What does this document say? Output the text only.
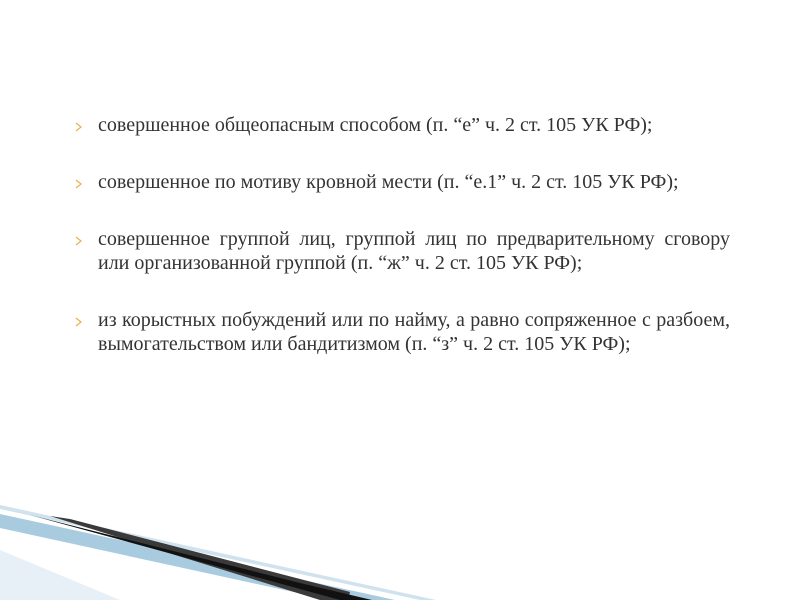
совершенное общеопасным способом (п. “е” ч. 2 ст. 105 УК РФ);
совершенное по мотиву кровной мести (п. “е.1” ч. 2 ст. 105 УК РФ);
совершенное группой лиц, группой лиц по предварительному сговору или организованной группой (п. “ж” ч. 2 ст. 105 УК РФ);
из корыстных побуждений или по найму, а равно сопряженное с разбоем, вымогательством или бандитизмом (п. “з” ч. 2 ст. 105 УК РФ);
